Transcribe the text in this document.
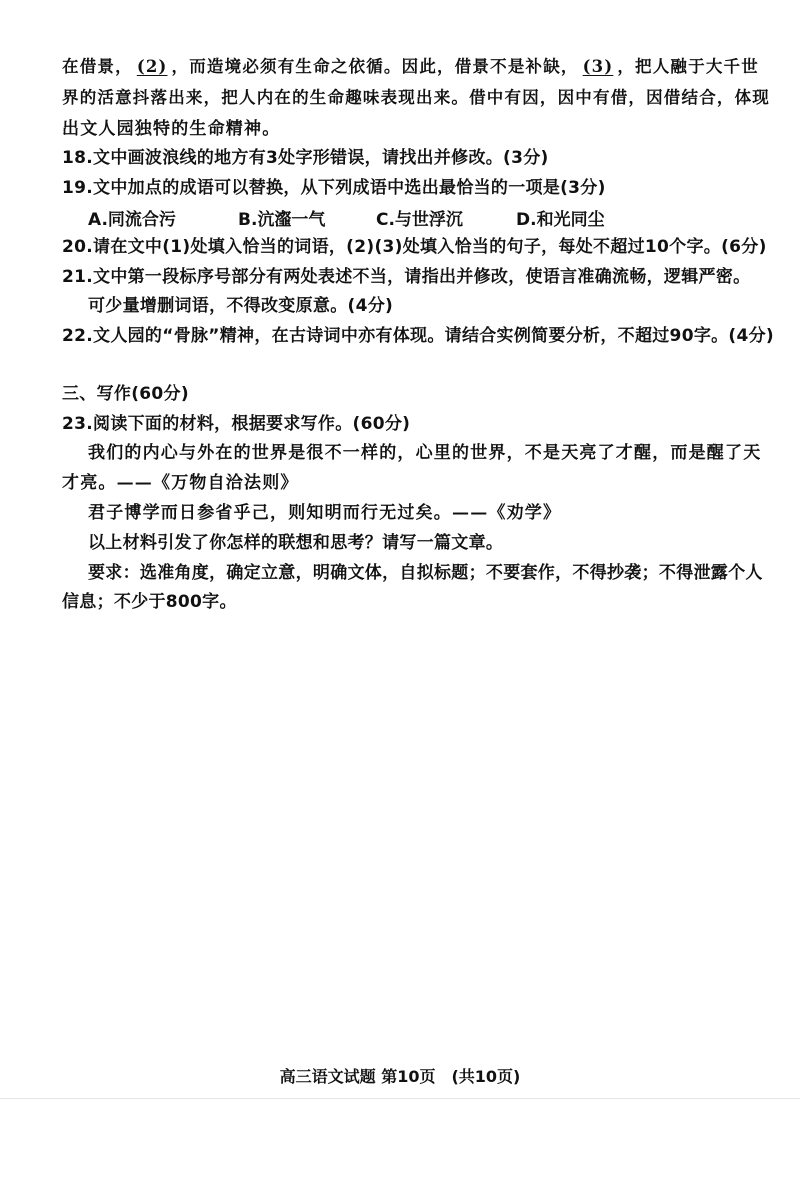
在借景， (2) ，而造境必须有生命之依循。因此，借景不是补缺， (3) ，把人融于大千世
界的活意抖落出来，把人内在的生命趣味表现出来。借中有因，因中有借，因借结合，体现
出文人园独特的生命精神。
18.文中画波浪线的地方有3处字形错误，请找出并修改。(3分)
19.文中加点的成语可以替换，从下列成语中选出最恰当的一项是(3分)
A.同流合污	B.沆瀣一气	C.与世浮沉	D.和光同尘
20.请在文中(1)处填入恰当的词语，(2)(3)处填入恰当的句子，每处不超过10个字。(6分)
21.文中第一段标序号部分有两处表述不当，请指出并修改，使语言准确流畅，逻辑严密。
可少量增删词语，不得改变原意。(4分)
22.文人园的“骨脉”精神，在古诗词中亦有体现。请结合实例简要分析，不超过90字。(4分)
三、写作(60分)
23.阅读下面的材料，根据要求写作。(60分)
我们的内心与外在的世界是很不一样的，心里的世界，不是天亮了才醒，而是醒了天
才亮。——《万物自洽法则》
君子博学而日参省乎己，则知明而行无过矣。——《劝学》
以上材料引发了你怎样的联想和思考？请写一篇文章。
要求：选准角度，确定立意，明确文体，自拟标题；不要套作，不得抄袭；不得泄露个人
信息；不少于800字。
高三语文试题 第10页　(共10页)
